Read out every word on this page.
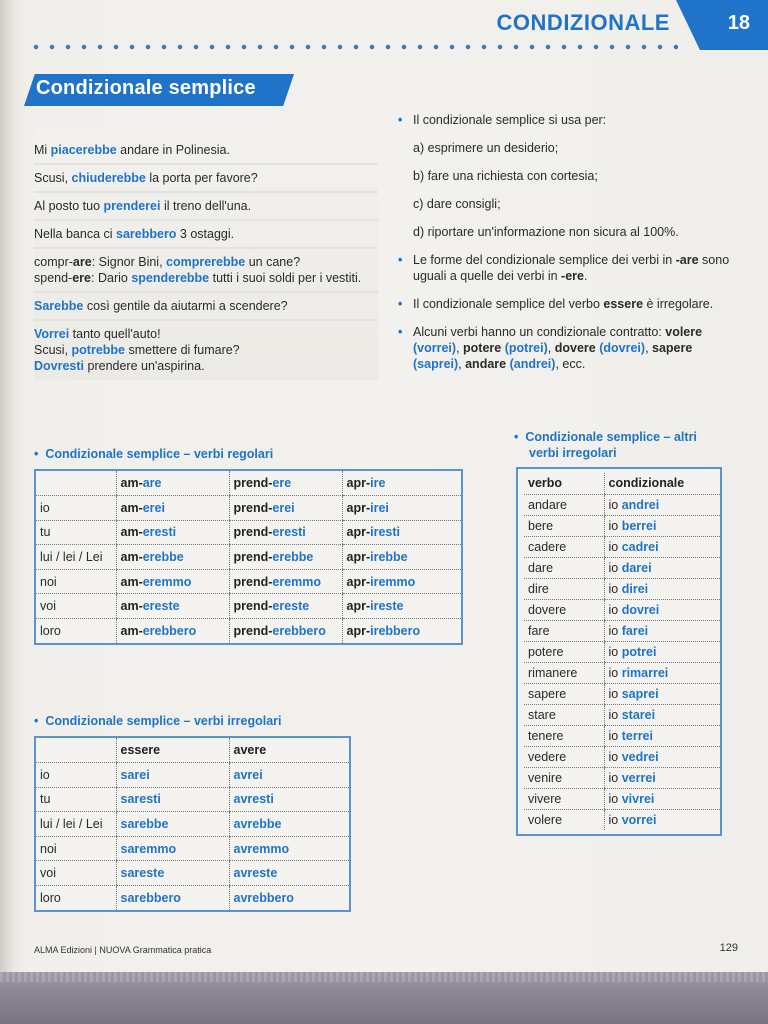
CONDIZIONALE	18
Condizionale semplice
Mi piacerebbe andare in Polinesia.
Scusi, chiuderebbe la porta per favore?
Al posto tuo prenderei il treno dell'una.
Nella banca ci sarebbero 3 ostaggi.
compr-are: Signor Bini, comprerebbe un cane?
spend-ere: Dario spenderebbe tutti i suoi soldi per i vestiti.
Sarebbe così gentile da aiutarmi a scendere?
Vorrei tanto quell'auto!
Scusi, potrebbe smettere di fumare?
Dovresti prendere un'aspirina.
• Il condizionale semplice si usa per:
a) esprimere un desiderio;
b) fare una richiesta con cortesia;
c) dare consigli;
d) riportare un'informazione non sicura al 100%.
• Le forme del condizionale semplice dei verbi in -are sono uguali a quelle dei verbi in -ere.
• Il condizionale semplice del verbo essere è irregolare.
• Alcuni verbi hanno un condizionale contratto: volere (vorrei), potere (potrei), dovere (dovrei), sapere (saprei), andare (andrei), ecc.
•  Condizionale semplice – verbi regolari
	am-are	prend-ere	apr-ire
io	am-erei	prend-erei	apr-irei
tu	am-eresti	prend-eresti	apr-iresti
lui / lei / Lei	am-erebbe	prend-erebbe	apr-irebbe
noi	am-eremmo	prend-eremmo	apr-iremmo
voi	am-ereste	prend-ereste	apr-ireste
loro	am-erebbero	prend-erebbero	apr-irebbero
•  Condizionale semplice – verbi irregolari
	essere	avere
io	sarei	avrei
tu	saresti	avresti
lui / lei / Lei	sarebbe	avrebbe
noi	saremmo	avremmo
voi	sareste	avreste
loro	sarebbero	avrebbero
•  Condizionale semplice – altri
verbi irregolari
verbo	condizionale
andare	io andrei
bere	io berrei
cadere	io cadrei
dare	io darei
dire	io direi
dovere	io dovrei
fare	io farei
potere	io potrei
rimanere	io rimarrei
sapere	io saprei
stare	io starei
tenere	io terrei
vedere	io vedrei
venire	io verrei
vivere	io vivrei
volere	io vorrei
ALMA Edizioni | NUOVA Grammatica pratica	129
